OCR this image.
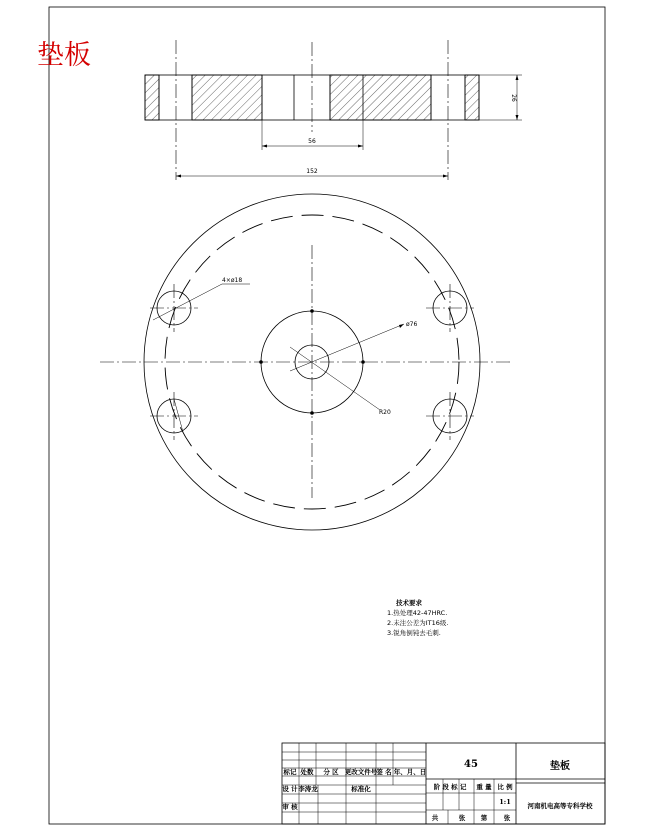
垫板
26
56
152
4×ø18
ø76
R20
技术要求
1.热处理42-47HRC.
2.未注公差为IT16级.
3.锐角倒钝去毛刺.
标记 处数 分 区 更改文件号 签 名 年、月、日
设 计 李涛龙	标准化
审 核
45	垫板
阶 段 标 记 重 量 比 例
1:1	河南机电高等专科学校
共	张 第	张
